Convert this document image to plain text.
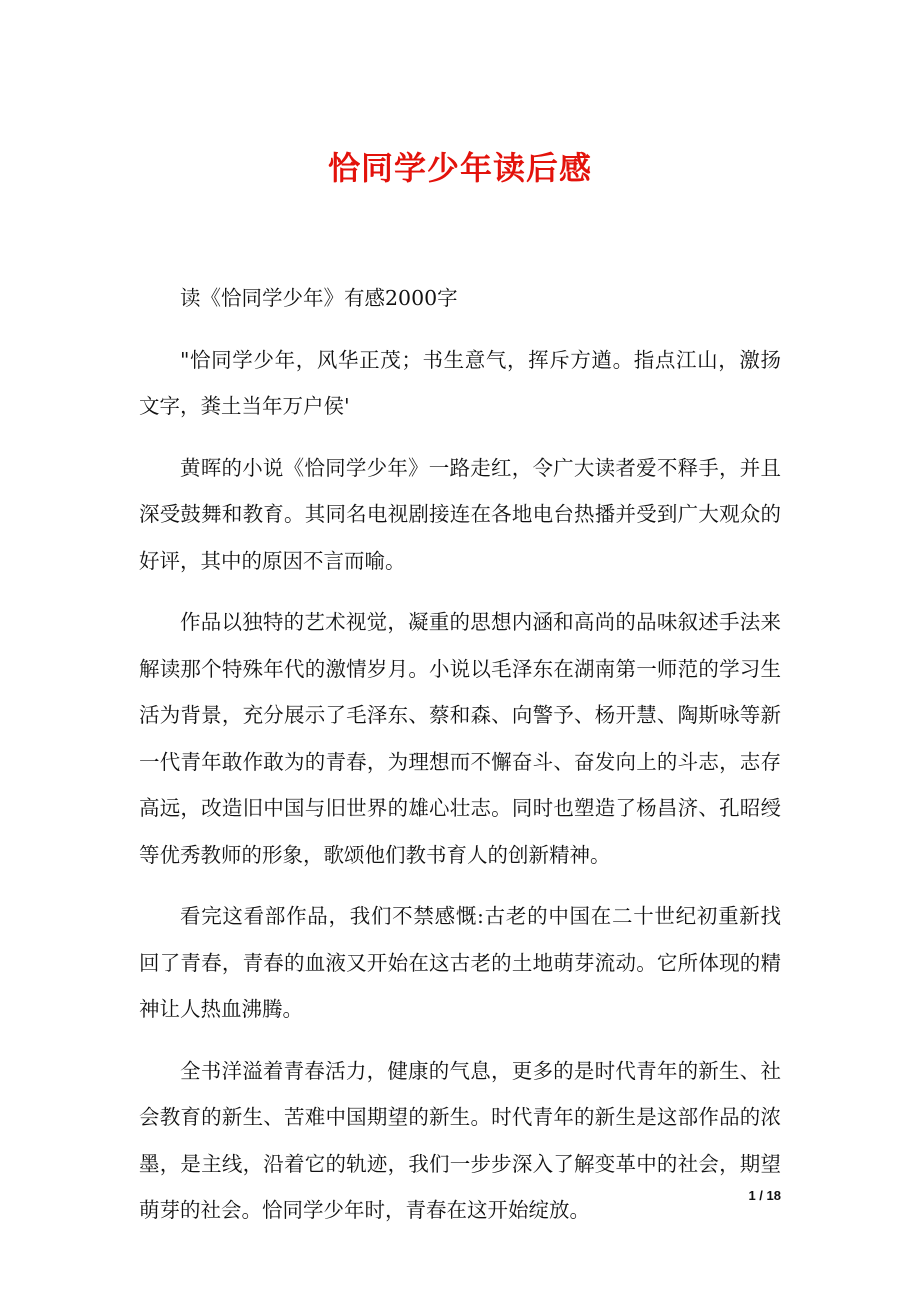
恰同学少年读后感

读《恰同学少年》有感2000字

"恰同学少年，风华正茂；书生意气，挥斥方遒。指点江山，激扬文字，粪土当年万户侯'

黄晖的小说《恰同学少年》一路走红，令广大读者爱不释手，并且深受鼓舞和教育。其同名电视剧接连在各地电台热播并受到广大观众的好评，其中的原因不言而喻。

作品以独特的艺术视觉，凝重的思想内涵和高尚的品味叙述手法来解读那个特殊年代的激情岁月。小说以毛泽东在湖南第一师范的学习生活为背景，充分展示了毛泽东、蔡和森、向警予、杨开慧、陶斯咏等新一代青年敢作敢为的青春，为理想而不懈奋斗、奋发向上的斗志，志存高远，改造旧中国与旧世界的雄心壮志。同时也塑造了杨昌济、孔昭绶等优秀教师的形象，歌颂他们教书育人的创新精神。

看完这看部作品，我们不禁感慨:古老的中国在二十世纪初重新找回了青春，青春的血液又开始在这古老的土地萌芽流动。它所体现的精神让人热血沸腾。

全书洋溢着青春活力，健康的气息，更多的是时代青年的新生、社会教育的新生、苦难中国期望的新生。时代青年的新生是这部作品的浓墨，是主线，沿着它的轨迹，我们一步步深入了解变革中的社会，期望萌芽的社会。恰同学少年时，青春在这开始绽放。

1 / 18
